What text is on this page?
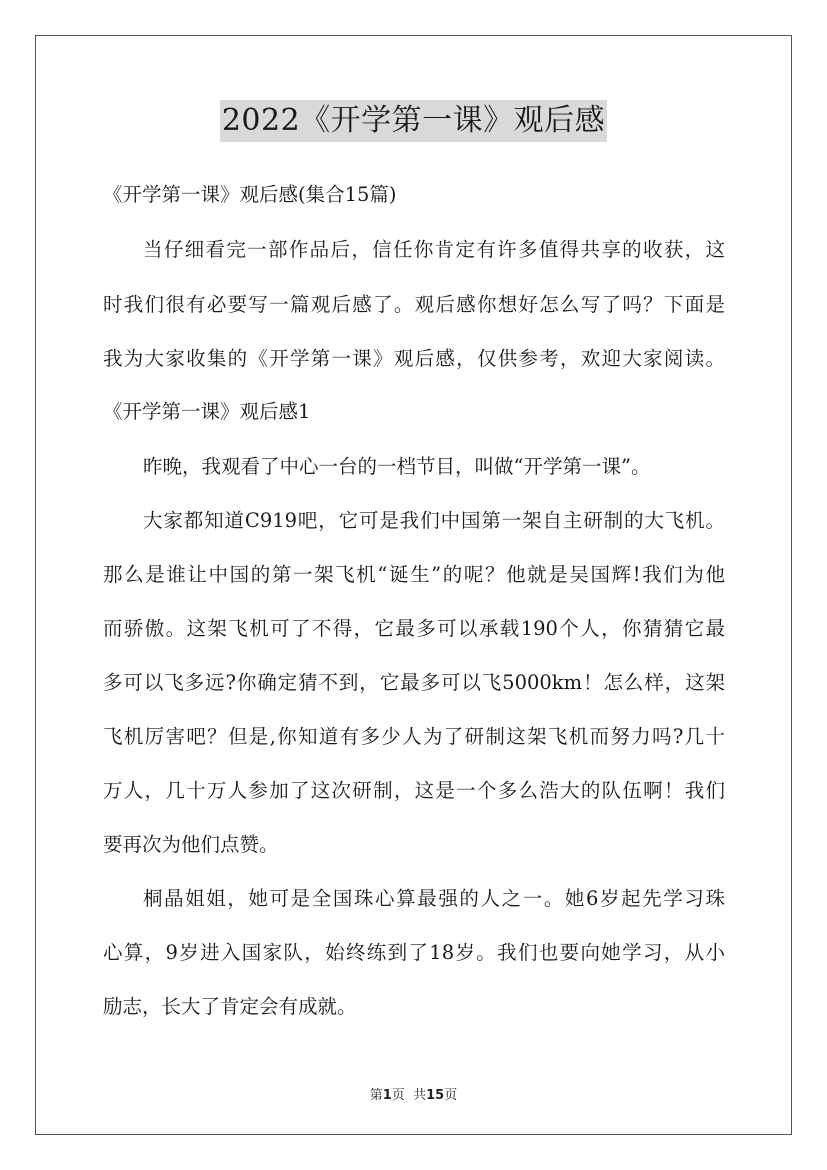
2022《开学第一课》观后感
《开学第一课》观后感(集合15篇)
当仔细看完一部作品后，信任你肯定有许多值得共享的收获，这
时我们很有必要写一篇观后感了。观后感你想好怎么写了吗？下面是
我为大家收集的《开学第一课》观后感，仅供参考，欢迎大家阅读。
《开学第一课》观后感1
昨晚，我观看了中心一台的一档节目，叫做“开学第一课”。
大家都知道C919吧，它可是我们中国第一架自主研制的大飞机。
那么是谁让中国的第一架飞机“诞生”的呢？他就是吴国辉!我们为他
而骄傲。这架飞机可了不得，它最多可以承载190个人，你猜猜它最
多可以飞多远?你确定猜不到，它最多可以飞5000km！怎么样，这架
飞机厉害吧？但是,你知道有多少人为了研制这架飞机而努力吗?几十
万人，几十万人参加了这次研制，这是一个多么浩大的队伍啊！我们
要再次为他们点赞。
桐晶姐姐，她可是全国珠心算最强的人之一。她6岁起先学习珠
心算，9岁进入国家队，始终练到了18岁。我们也要向她学习，从小
励志，长大了肯定会有成就。
第1页  共15页
